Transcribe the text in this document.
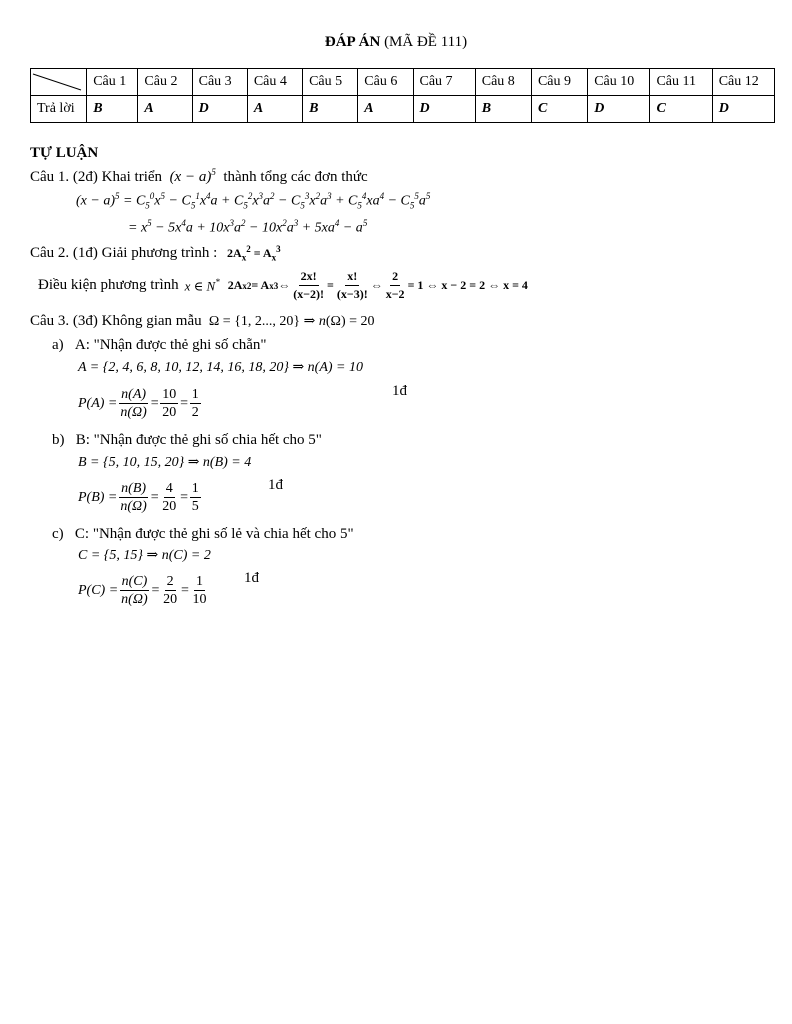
ĐÁP ÁN (MÃ ĐỀ 111)
	Câu 1	Câu 2	Câu 3	Câu 4	Câu 5	Câu 6	Câu 7	Câu 8	Câu 9	Câu 10	Câu 11	Câu 12
Trả lời	B	A	D	A	B	A	D	B	C	D	C	D
TỰ LUẬN
Câu 1. (2đ) Khai triển $(x - a)^5$ thành tổng các đơn thức
$(x - a)^5 = C_5^0x^5 - C_5^1x^4a + C_5^2x^3a^2 - C_5^3x^2a^3 + C_5^4xa^4 - C_5^5a^5$
= $x^5 - 5x^4a + 10x^3a^2 - 10x^2a^3 + 5xa^4 - a^5$
Câu 2. (1đ) Giải phương trình :   $2A_x^2 = A_x^3$
Điều kiện phương trình x ∈ N* 2A x 2 = A x 3 ⇔ $\frac{2x!}{(x-2)!} = \frac{x!}{(x-3)!}$ ⇔ $\frac{2}{x-2} = 1$ ⇔ x − 2 = 2 ⇔ x = 4
Câu 3. (3đ) Không gian mẫu  Ω = {1, 2..., 20} ⇒ n(Ω) = 20
a) A: "Nhận được thẻ ghi số chẵn"
A = {2, 4, 6, 8, 10, 12, 14, 16, 18, 20} ⇒ n(A) = 10
$P(A) = \frac{n(A)}{n(\Omega)} = \frac{10}{20} = \frac{1}{2}$	1đ
b) B: "Nhận được thẻ ghi số chia hết cho 5"
B = {5, 10, 15, 20} ⇒ n(B) = 4
$P(B) = \frac{n(B)}{n(\Omega)} = \frac{4}{20} = \frac{1}{5}$	1đ
c) C: "Nhận được thẻ ghi số lẻ và chia hết cho 5"
C = {5, 15} ⇒ n(C) = 2
$P(C) = \frac{n(C)}{n(\Omega)} = \frac{2}{20} = \frac{1}{10}$ 1đ
